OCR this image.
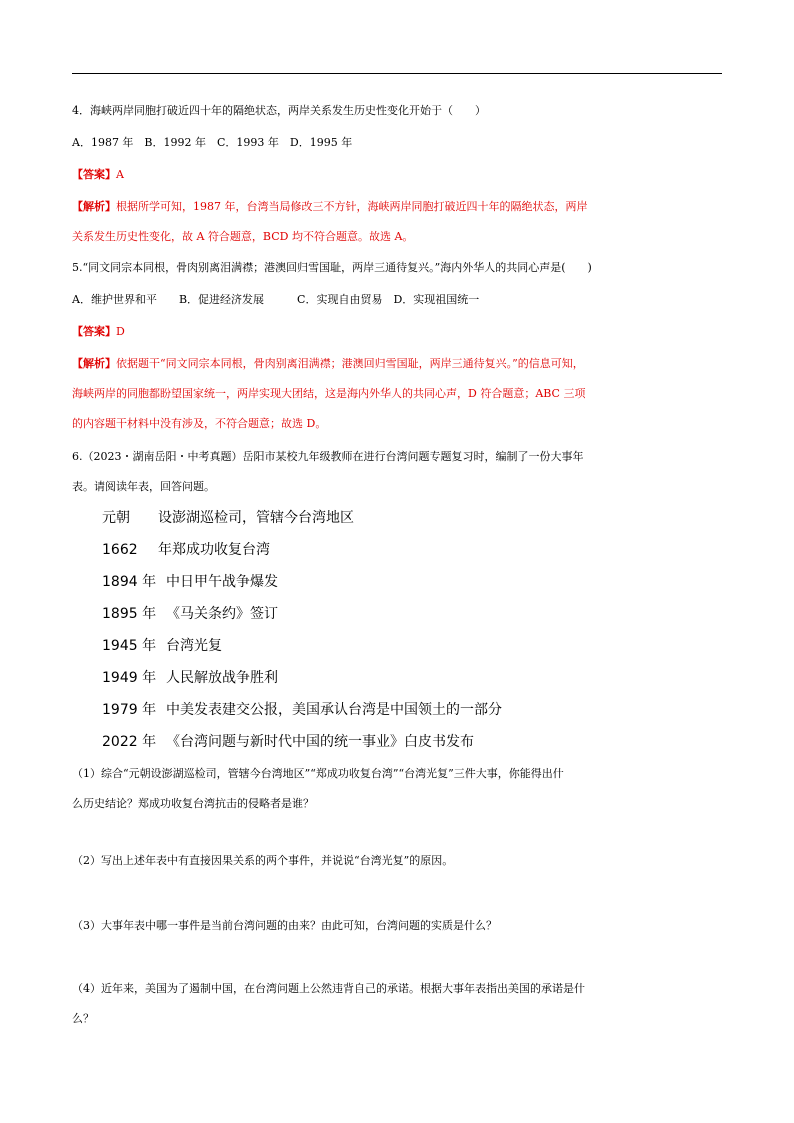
4．海峡两岸同胞打破近四十年的隔绝状态，两岸关系发生历史性变化开始于（　　）
A．1987 年　B．1992 年　C．1993 年　D．1995 年
【答案】A
【解析】根据所学可知，1987 年，台湾当局修改三不方针，海峡两岸同胞打破近四十年的隔绝状态，两岸
关系发生历史性变化，故 A 符合题意，BCD 均不符合题意。故选 A。
5.“同文同宗本同根，骨肉别离泪满襟；港澳回归雪国耻，两岸三通待复兴。”海内外华人的共同心声是(　　)
A．维护世界和平　　B．促进经济发展　　　C．实现自由贸易　D．实现祖国统一
【答案】D
【解析】依据题干“同文同宗本同根，骨肉别离泪满襟；港澳回归雪国耻，两岸三通待复兴。”的信息可知，
海峡两岸的同胞都盼望国家统一，两岸实现大团结，这是海内外华人的共同心声，D 符合题意；ABC 三项
的内容题干材料中没有涉及，不符合题意；故选 D。
6.（2023・湖南岳阳・中考真题）岳阳市某校九年级教师在进行台湾问题专题复习时，编制了一份大事年
表。请阅读年表，回答问题。
元朝 设澎湖巡检司，管辖今台湾地区
1662 年郑成功收复台湾
1894 年 中日甲午战争爆发
1895 年 《马关条约》签订
1945 年 台湾光复
1949 年 人民解放战争胜利
1979 年 中美发表建交公报，美国承认台湾是中国领土的一部分
2022 年 《台湾问题与新时代中国的统一事业》白皮书发布
（1）综合“元朝设澎湖巡检司，管辖今台湾地区”“郑成功收复台湾”“台湾光复”三件大事，你能得出什
么历史结论？郑成功收复台湾抗击的侵略者是谁？
（2）写出上述年表中有直接因果关系的两个事件，并说说“台湾光复”的原因。
（3）大事年表中哪一事件是当前台湾问题的由来？由此可知，台湾问题的实质是什么？
（4）近年来，美国为了遏制中国，在台湾问题上公然违背自己的承诺。根据大事年表指出美国的承诺是什
么？
